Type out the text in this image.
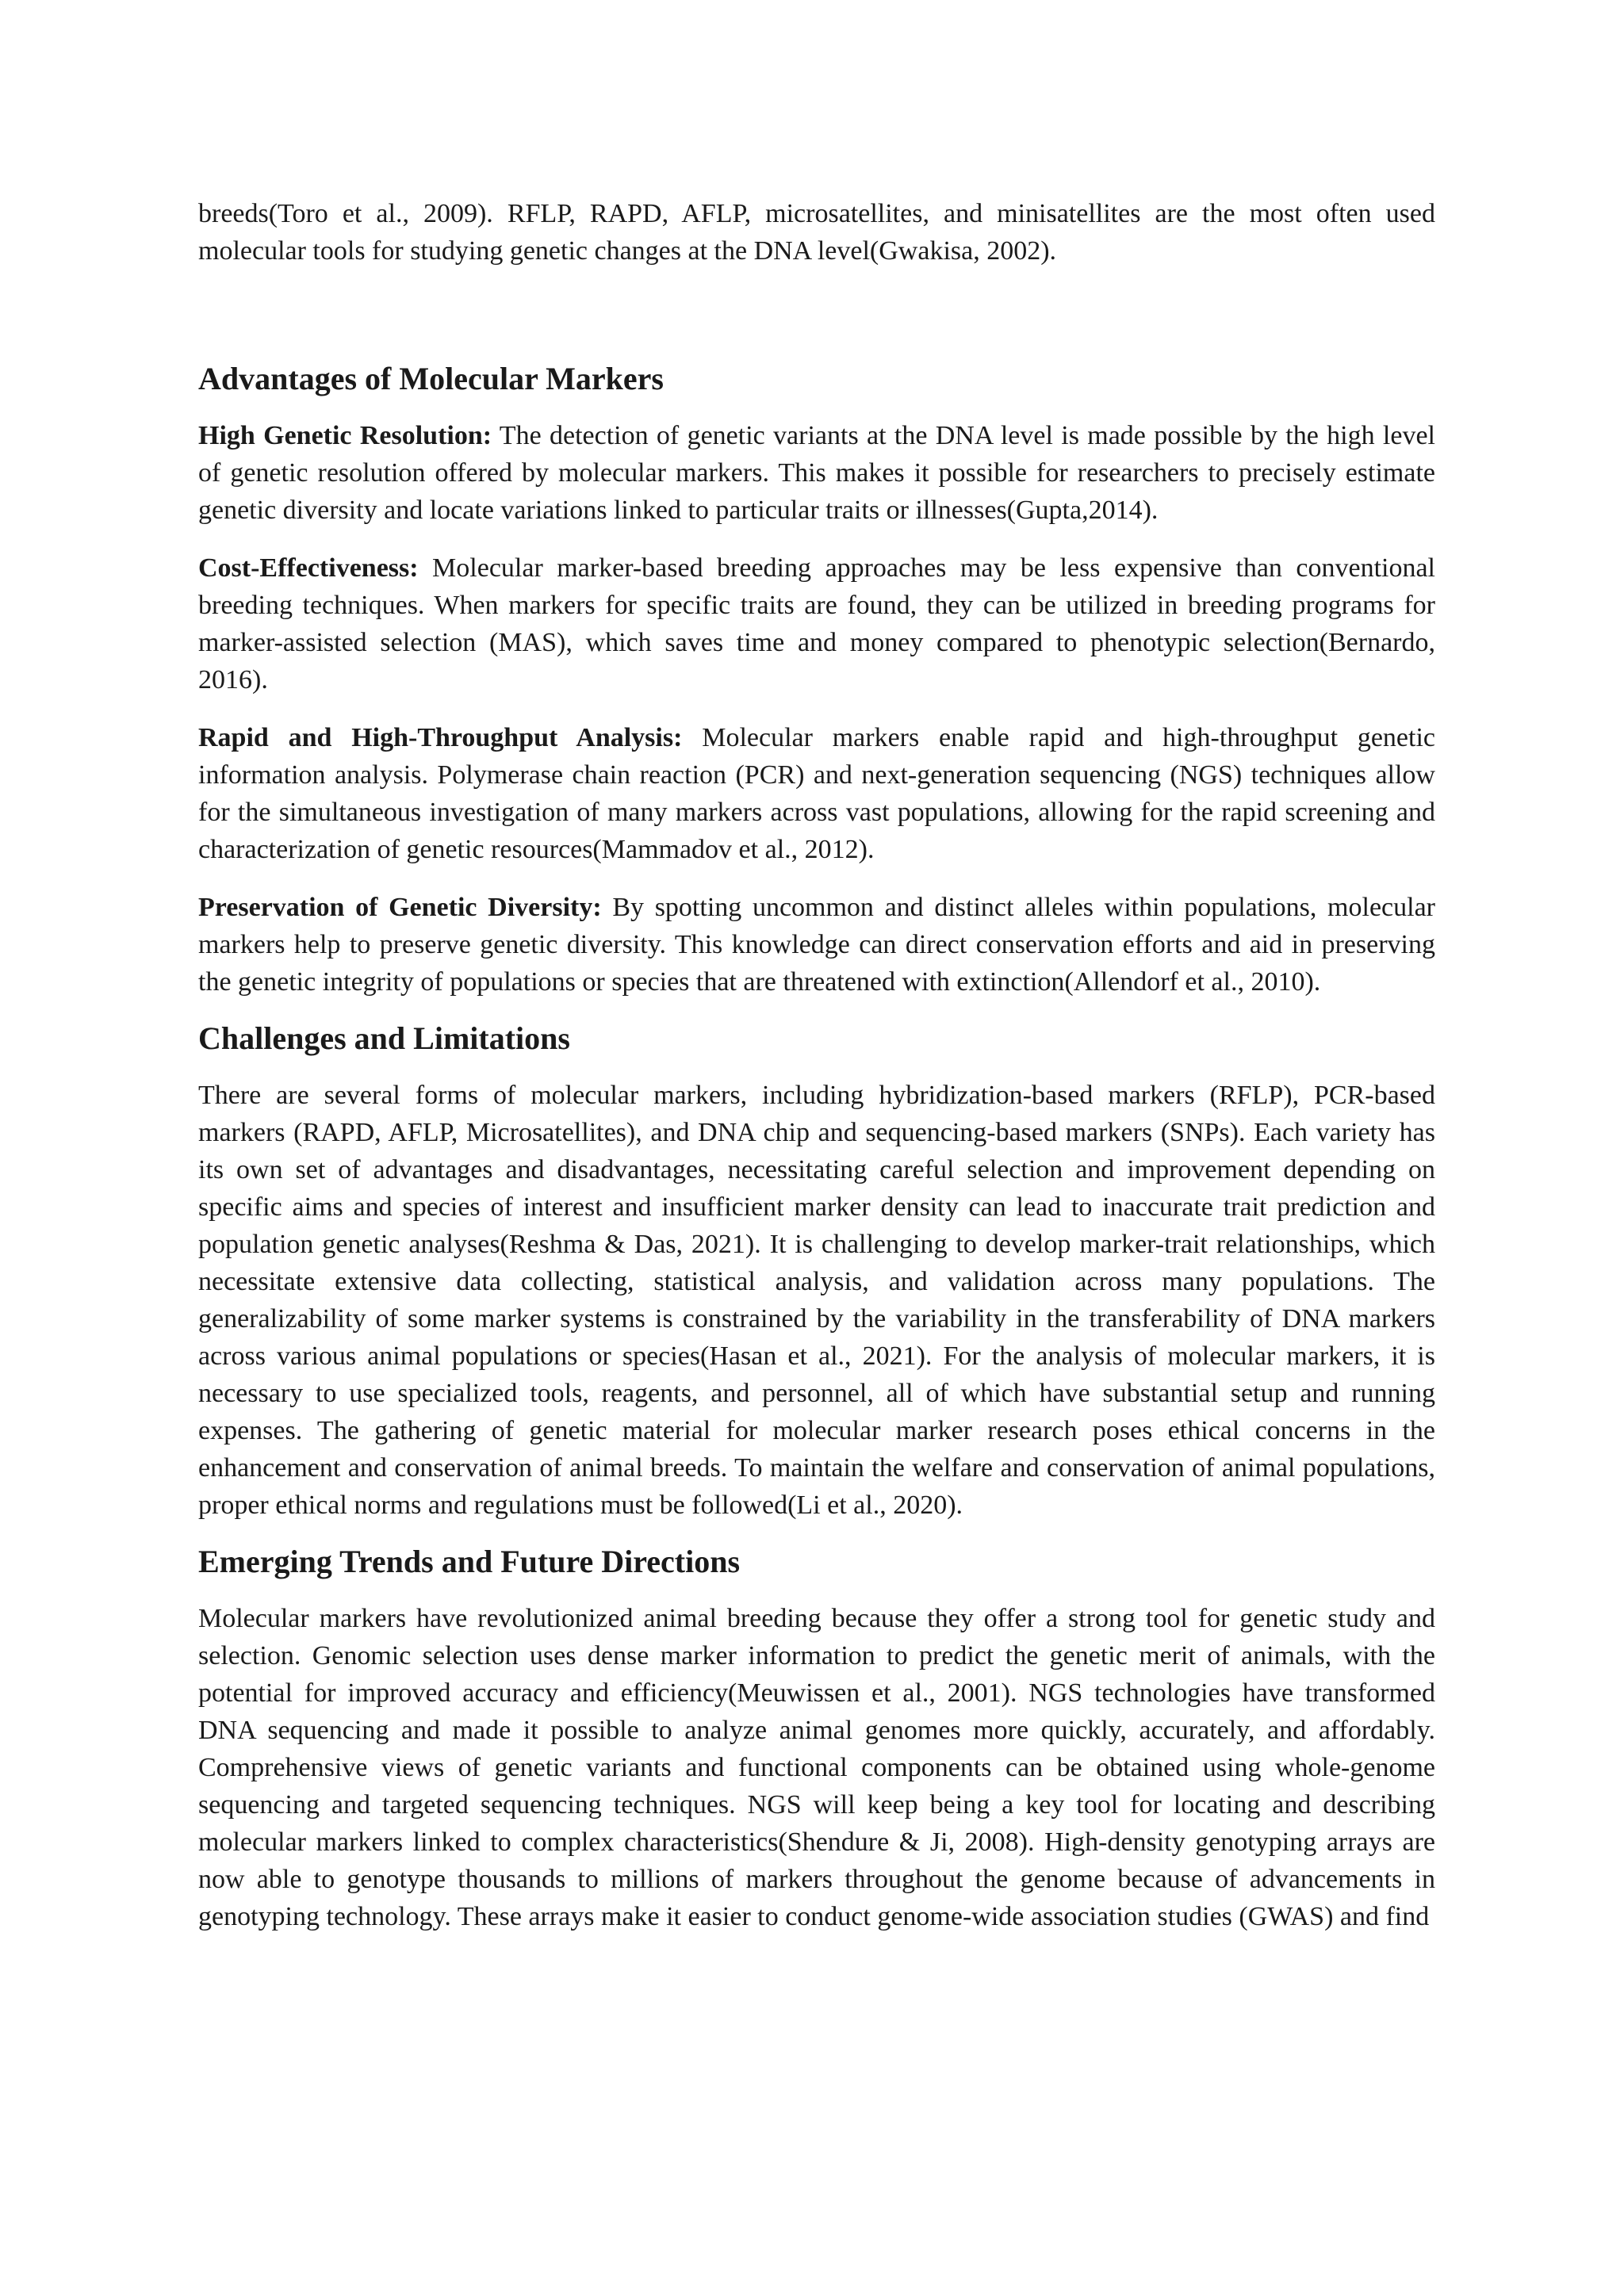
breeds(Toro et al., 2009). RFLP, RAPD, AFLP, microsatellites, and minisatellites are the most often used molecular tools for studying genetic changes at the DNA level(Gwakisa, 2002).

Advantages of Molecular Markers

High Genetic Resolution: The detection of genetic variants at the DNA level is made possible by the high level of genetic resolution offered by molecular markers. This makes it possible for researchers to precisely estimate genetic diversity and locate variations linked to particular traits or illnesses(Gupta,2014).

Cost-Effectiveness: Molecular marker-based breeding approaches may be less expensive than conventional breeding techniques. When markers for specific traits are found, they can be utilized in breeding programs for marker-assisted selection (MAS), which saves time and money compared to phenotypic selection(Bernardo, 2016).

Rapid and High-Throughput Analysis: Molecular markers enable rapid and high-throughput genetic information analysis. Polymerase chain reaction (PCR) and next-generation sequencing (NGS) techniques allow for the simultaneous investigation of many markers across vast populations, allowing for the rapid screening and characterization of genetic resources(Mammadov et al., 2012).

Preservation of Genetic Diversity: By spotting uncommon and distinct alleles within populations, molecular markers help to preserve genetic diversity. This knowledge can direct conservation efforts and aid in preserving the genetic integrity of populations or species that are threatened with extinction(Allendorf et al., 2010).

Challenges and Limitations

There are several forms of molecular markers, including hybridization-based markers (RFLP), PCR-based markers (RAPD, AFLP, Microsatellites), and DNA chip and sequencing-based markers (SNPs). Each variety has its own set of advantages and disadvantages, necessitating careful selection and improvement depending on specific aims and species of interest and insufficient marker density can lead to inaccurate trait prediction and population genetic analyses(Reshma & Das, 2021). It is challenging to develop marker-trait relationships, which necessitate extensive data collecting, statistical analysis, and validation across many populations. The generalizability of some marker systems is constrained by the variability in the transferability of DNA markers across various animal populations or species(Hasan et al., 2021). For the analysis of molecular markers, it is necessary to use specialized tools, reagents, and personnel, all of which have substantial setup and running expenses. The gathering of genetic material for molecular marker research poses ethical concerns in the enhancement and conservation of animal breeds. To maintain the welfare and conservation of animal populations, proper ethical norms and regulations must be followed(Li et al., 2020).

Emerging Trends and Future Directions

Molecular markers have revolutionized animal breeding because they offer a strong tool for genetic study and selection. Genomic selection uses dense marker information to predict the genetic merit of animals, with the potential for improved accuracy and efficiency(Meuwissen et al., 2001). NGS technologies have transformed DNA sequencing and made it possible to analyze animal genomes more quickly, accurately, and affordably. Comprehensive views of genetic variants and functional components can be obtained using whole-genome sequencing and targeted sequencing techniques. NGS will keep being a key tool for locating and describing molecular markers linked to complex characteristics(Shendure & Ji, 2008). High-density genotyping arrays are now able to genotype thousands to millions of markers throughout the genome because of advancements in genotyping technology. These arrays make it easier to conduct genome-wide association studies (GWAS) and find
